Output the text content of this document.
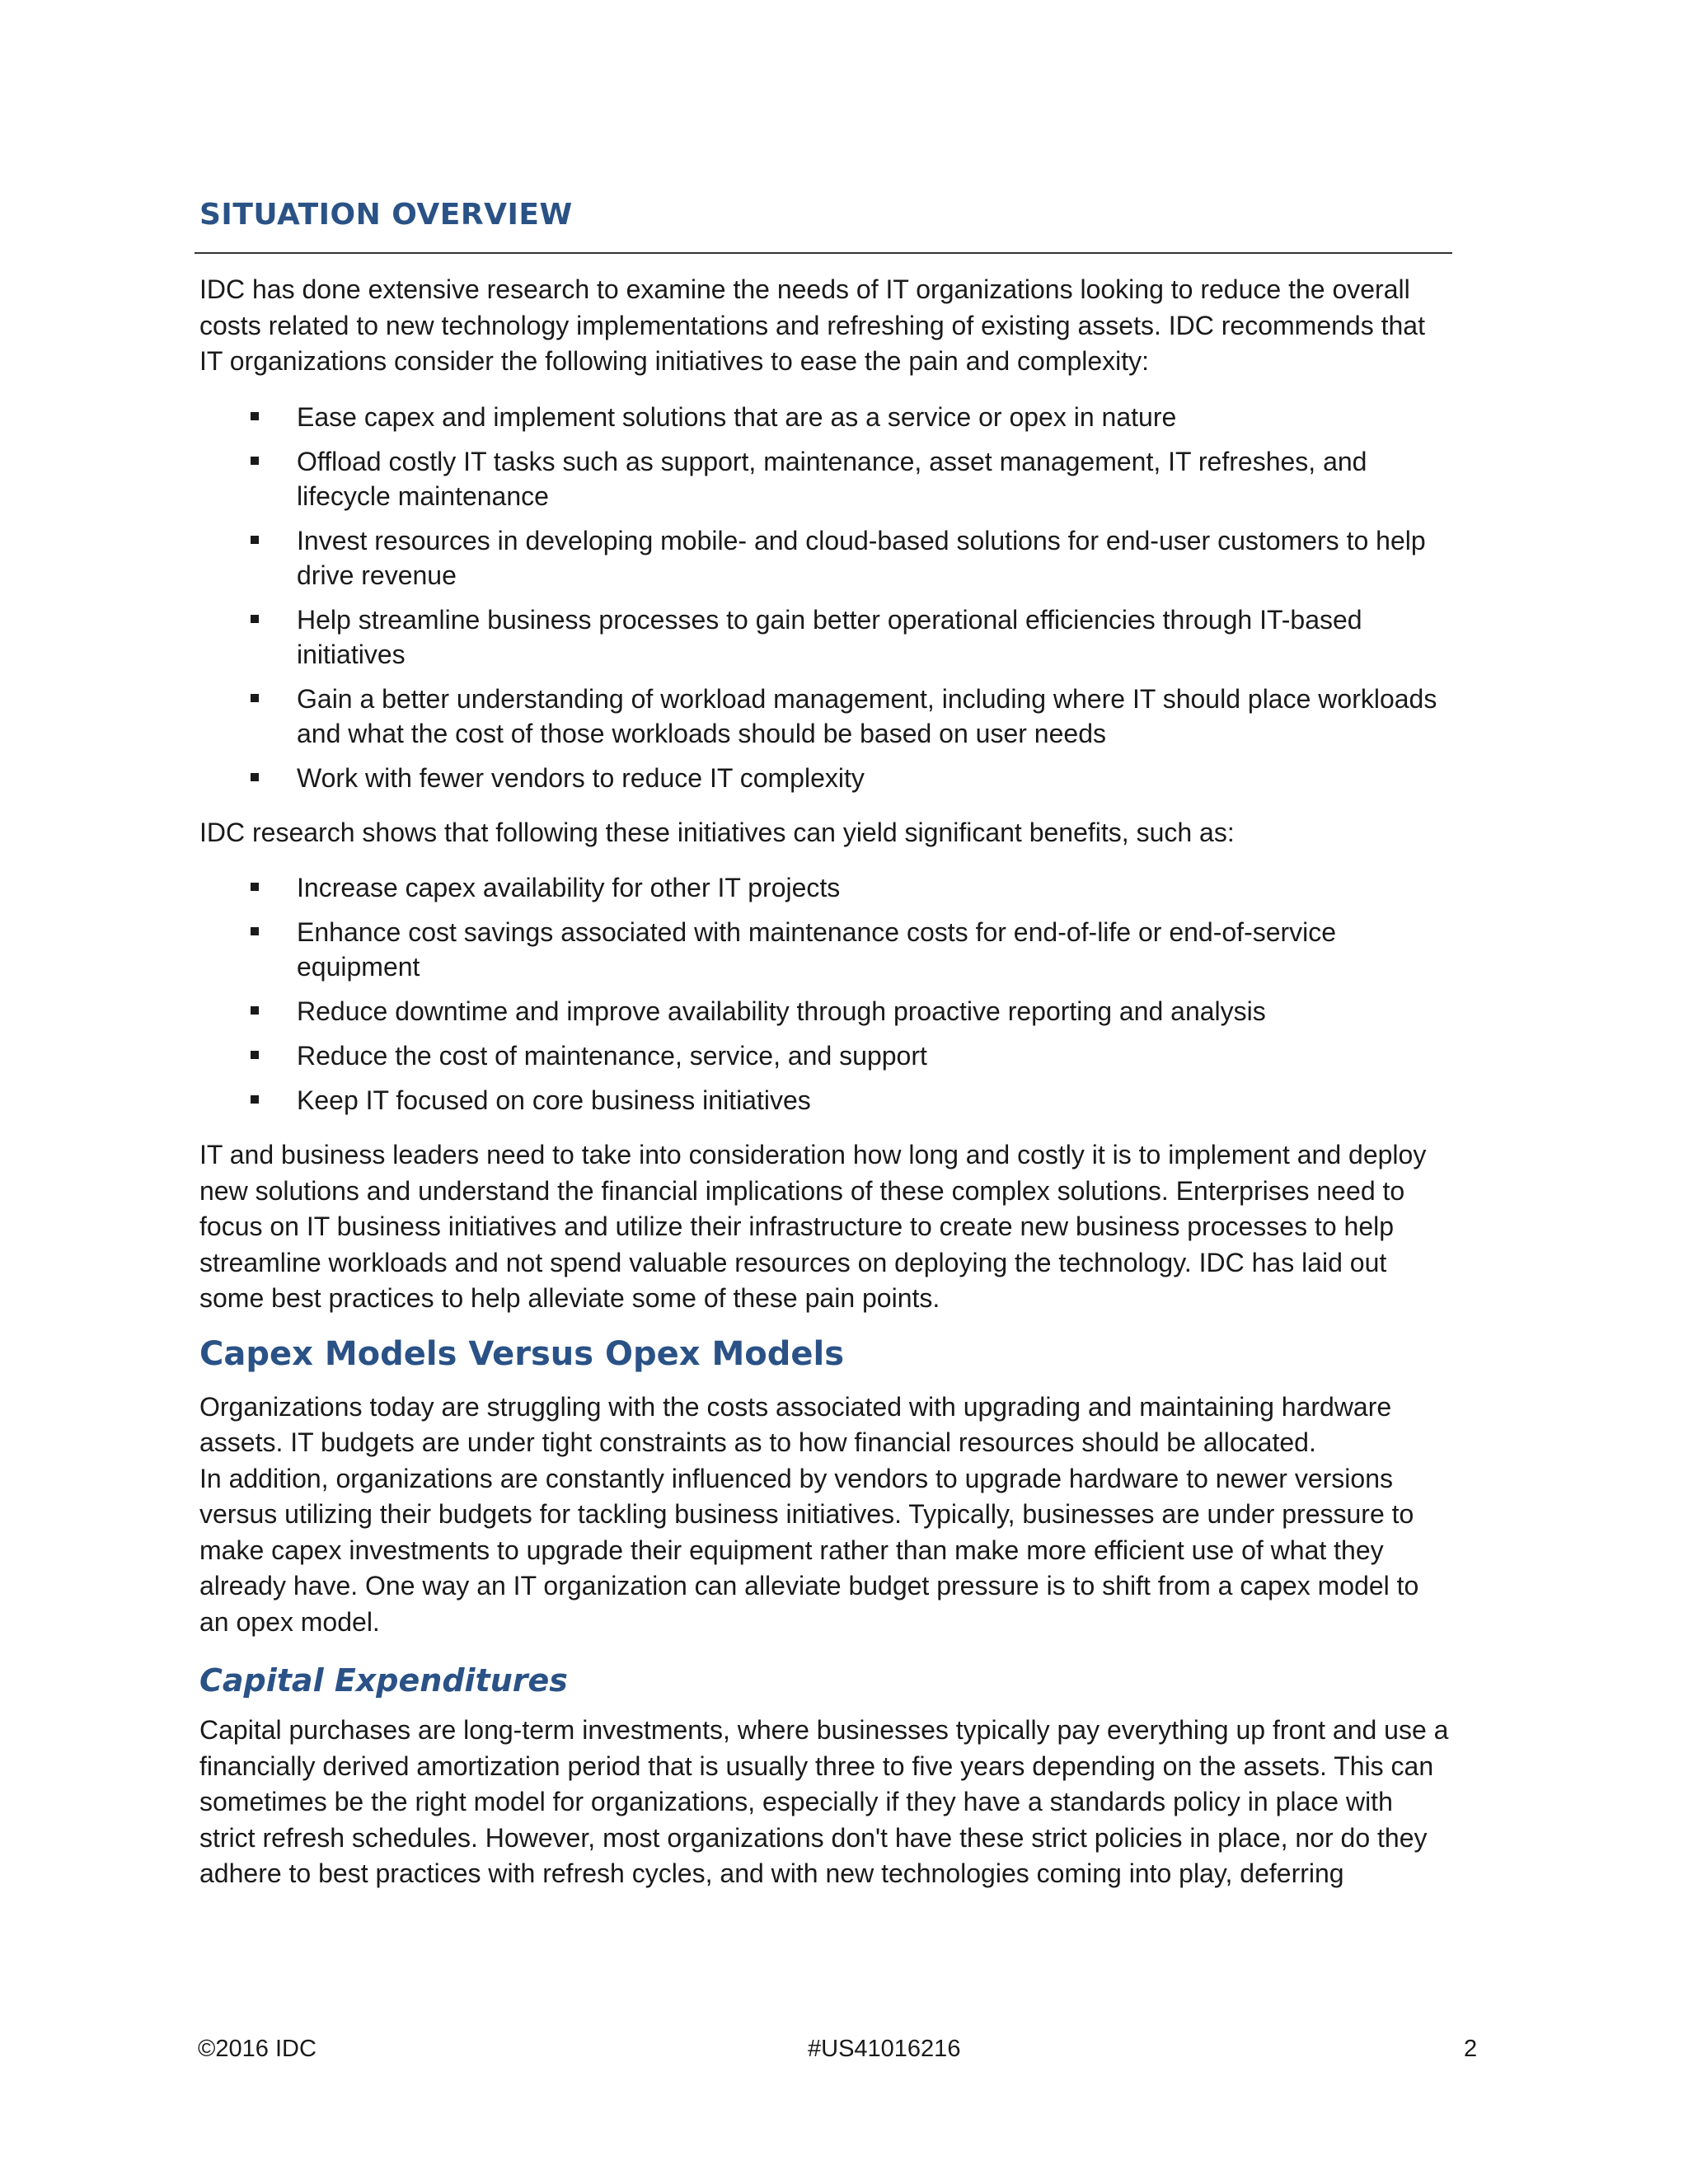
SITUATION OVERVIEW

IDC has done extensive research to examine the needs of IT organizations looking to reduce the overall costs related to new technology implementations and refreshing of existing assets. IDC recommends that IT organizations consider the following initiatives to ease the pain and complexity:

Ease capex and implement solutions that are as a service or opex in nature
Offload costly IT tasks such as support, maintenance, asset management, IT refreshes, and lifecycle maintenance
Invest resources in developing mobile- and cloud-based solutions for end-user customers to help drive revenue
Help streamline business processes to gain better operational efficiencies through IT-based initiatives
Gain a better understanding of workload management, including where IT should place workloads and what the cost of those workloads should be based on user needs
Work with fewer vendors to reduce IT complexity

IDC research shows that following these initiatives can yield significant benefits, such as:

Increase capex availability for other IT projects
Enhance cost savings associated with maintenance costs for end-of-life or end-of-service equipment
Reduce downtime and improve availability through proactive reporting and analysis
Reduce the cost of maintenance, service, and support
Keep IT focused on core business initiatives

IT and business leaders need to take into consideration how long and costly it is to implement and deploy new solutions and understand the financial implications of these complex solutions. Enterprises need to focus on IT business initiatives and utilize their infrastructure to create new business processes to help streamline workloads and not spend valuable resources on deploying the technology. IDC has laid out some best practices to help alleviate some of these pain points.

Capex Models Versus Opex Models

Organizations today are struggling with the costs associated with upgrading and maintaining hardware assets. IT budgets are under tight constraints as to how financial resources should be allocated.

In addition, organizations are constantly influenced by vendors to upgrade hardware to newer versions versus utilizing their budgets for tackling business initiatives. Typically, businesses are under pressure to make capex investments to upgrade their equipment rather than make more efficient use of what they already have. One way an IT organization can alleviate budget pressure is to shift from a capex model to an opex model.

Capital Expenditures

Capital purchases are long-term investments, where businesses typically pay everything up front and use a financially derived amortization period that is usually three to five years depending on the assets. This can sometimes be the right model for organizations, especially if they have a standards policy in place with strict refresh schedules. However, most organizations don't have these strict policies in place, nor do they adhere to best practices with refresh cycles, and with new technologies coming into play, deferring

©2016 IDC	#US41016216	2
